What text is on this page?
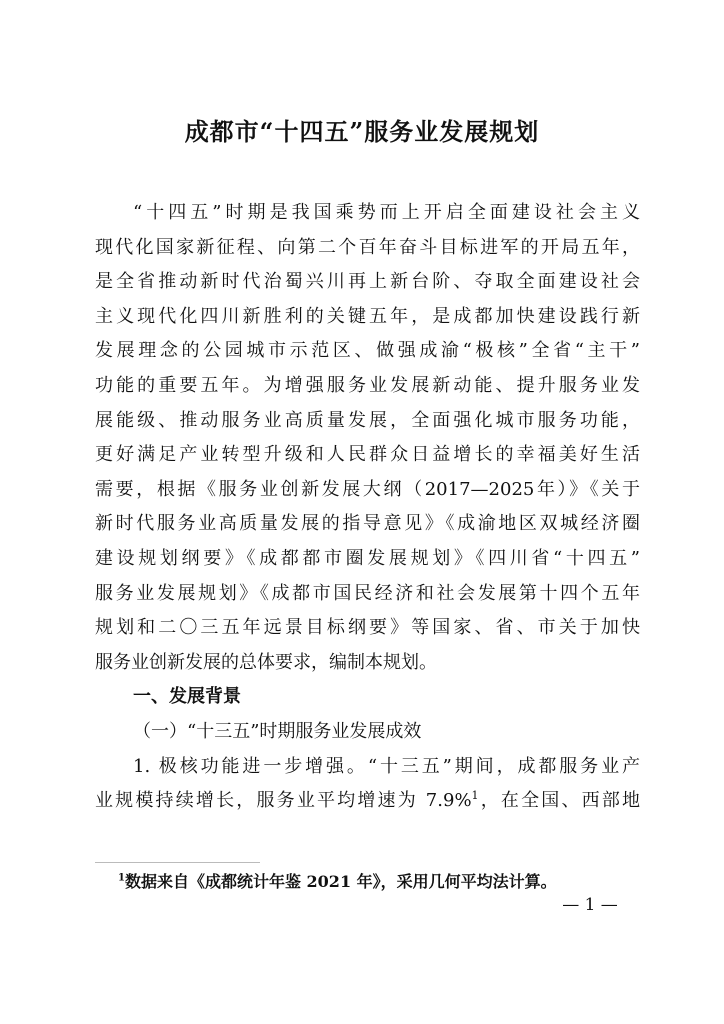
成都市“十四五”服务业发展规划
“十四五”时期是我国乘势而上开启全面建设社会主义
现代化国家新征程、向第二个百年奋斗目标进军的开局五年，
是全省推动新时代治蜀兴川再上新台阶、夺取全面建设社会
主义现代化四川新胜利的关键五年，是成都加快建设践行新
发展理念的公园城市示范区、做强成渝“极核”全省“主干”
功能的重要五年。为增强服务业发展新动能、提升服务业发
展能级、推动服务业高质量发展，全面强化城市服务功能，
更好满足产业转型升级和人民群众日益增长的幸福美好生活
需要，根据《服务业创新发展大纲（2017—2025年）》《关于
新时代服务业高质量发展的指导意见》《成渝地区双城经济圈
建设规划纲要》《成都都市圈发展规划》《四川省“十四五”
服务业发展规划》《成都市国民经济和社会发展第十四个五年
规划和二〇三五年远景目标纲要》等国家、省、市关于加快
服务业创新发展的总体要求，编制本规划。
一、发展背景
（一）“十三五”时期服务业发展成效
1. 极核功能进一步增强。“十三五”期间，成都服务业产
业规模持续增长，服务业平均增速为 7.9%$^1$，在全国、西部地
$^1$数据来自《成都统计年鉴 2021 年》，采用几何平均法计算。
— 1 —
